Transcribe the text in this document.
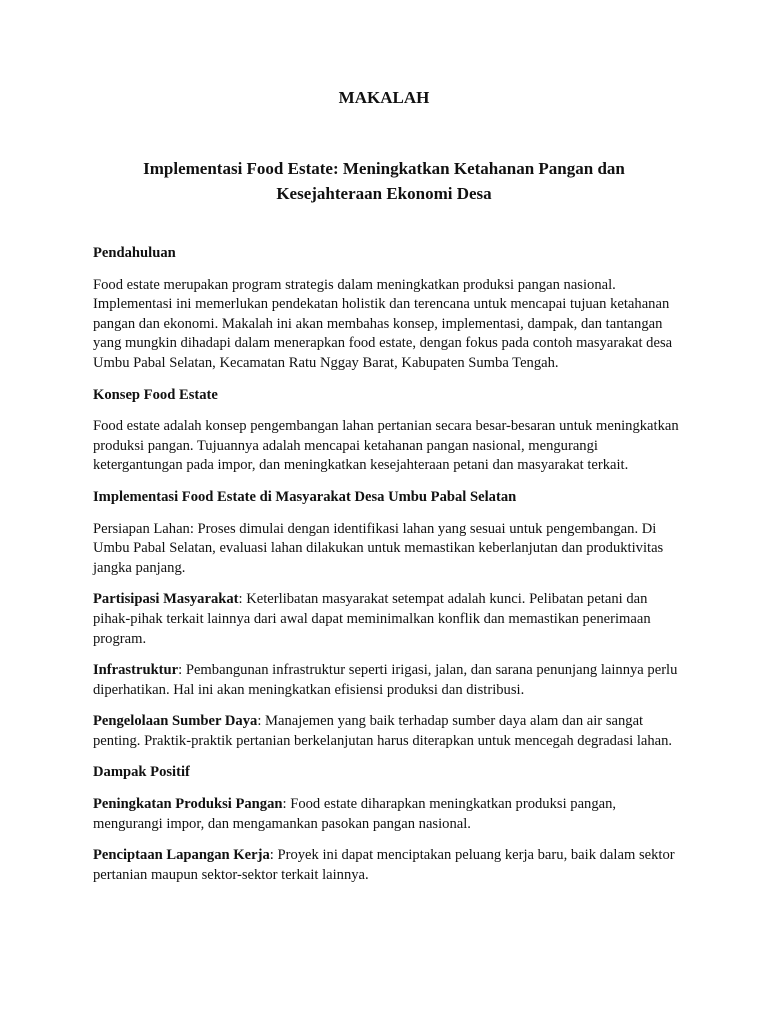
MAKALAH
Implementasi Food Estate: Meningkatkan Ketahanan Pangan dan Kesejahteraan Ekonomi Desa
Pendahuluan

Food estate merupakan program strategis dalam meningkatkan produksi pangan nasional. Implementasi ini memerlukan pendekatan holistik dan terencana untuk mencapai tujuan ketahanan pangan dan ekonomi. Makalah ini akan membahas konsep, implementasi, dampak, dan tantangan yang mungkin dihadapi dalam menerapkan food estate, dengan fokus pada contoh masyarakat desa Umbu Pabal Selatan, Kecamatan Ratu Nggay Barat, Kabupaten Sumba Tengah.

Konsep Food Estate

Food estate adalah konsep pengembangan lahan pertanian secara besar-besaran untuk meningkatkan produksi pangan. Tujuannya adalah mencapai ketahanan pangan nasional, mengurangi ketergantungan pada impor, dan meningkatkan kesejahteraan petani dan masyarakat terkait.

Implementasi Food Estate di Masyarakat Desa Umbu Pabal Selatan

Persiapan Lahan: Proses dimulai dengan identifikasi lahan yang sesuai untuk pengembangan. Di Umbu Pabal Selatan, evaluasi lahan dilakukan untuk memastikan keberlanjutan dan produktivitas jangka panjang.

Partisipasi Masyarakat: Keterlibatan masyarakat setempat adalah kunci. Pelibatan petani dan pihak-pihak terkait lainnya dari awal dapat meminimalkan konflik dan memastikan penerimaan program.

Infrastruktur: Pembangunan infrastruktur seperti irigasi, jalan, dan sarana penunjang lainnya perlu diperhatikan. Hal ini akan meningkatkan efisiensi produksi dan distribusi.

Pengelolaan Sumber Daya: Manajemen yang baik terhadap sumber daya alam dan air sangat penting. Praktik-praktik pertanian berkelanjutan harus diterapkan untuk mencegah degradasi lahan.

Dampak Positif

Peningkatan Produksi Pangan: Food estate diharapkan meningkatkan produksi pangan, mengurangi impor, dan mengamankan pasokan pangan nasional.

Penciptaan Lapangan Kerja: Proyek ini dapat menciptakan peluang kerja baru, baik dalam sektor pertanian maupun sektor-sektor terkait lainnya.
